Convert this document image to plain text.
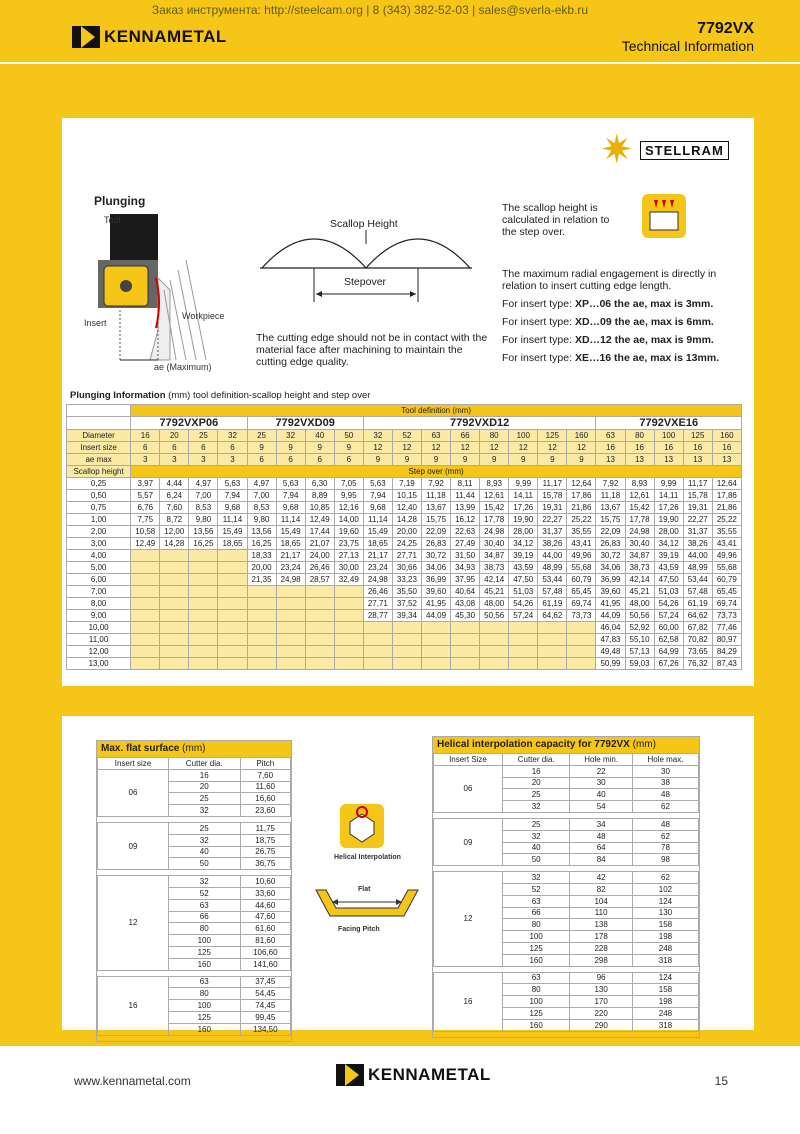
Заказ инструмента: http://steelcam.org | 8 (343) 382-52-03 | sales@sverla-ekb.ru
KENNAMETAL	7792VX
Technical Information
✷ STELLRAM
Plunging
Tool
Insert
Workpiece
ae (Maximum)
Scallop Height
Stepover
The cutting edge should not be in contact with the material face after machining to maintain the cutting edge quality.
The scallop height is calculated in relation to the step over.
The maximum radial engagement is directly in relation to insert cutting edge length.
For insert type: XP…06 the ae, max is 3mm.
For insert type: XD…09 the ae, max is 6mm.
For insert type: XD…12 the ae, max is 9mm.
For insert type: XE…16 the ae, max is 13mm.
Plunging Information (mm) tool definition-scallop height and step over
	Tool definition (mm)																				
	7792VXP06				7792VXD09				7792VXD12								7792VXE16				
Diameter	16	20	25	32	25	32	40	50	32	52	63	66	80	100	125	160	63	80	100	125	160
Insert size	6	6	6	6	9	9	9	9	12	12	12	12	12	12	12	12	16	16	16	16	16
ae max	3	3	3	3	6	6	6	6	9	9	9	9	9	9	9	9	13	13	13	13	13
Scallop height	Step over (mm)																				
0,25	3,97	4,44	4,97	5,63	4,97	5,63	6,30	7,05	5,63	7,19	7,92	8,11	8,93	9,99	11,17	12,64	7,92	8,93	9,99	11,17	12,64
0,50	5,57	6,24	7,00	7,94	7,00	7,94	8,89	9,95	7,94	10,15	11,18	11,44	12,61	14,11	15,78	17,86	11,18	12,61	14,11	15,78	17,86
0,75	6,76	7,60	8,53	9,68	8,53	9,68	10,85	12,16	9,68	12,40	13,67	13,99	15,42	17,26	19,31	21,86	13,67	15,42	17,26	19,31	21,86
1,00	7,75	8,72	9,80	11,14	9,80	11,14	12,49	14,00	11,14	14,28	15,75	16,12	17,78	19,90	22,27	25,22	15,75	17,78	19,90	22,27	25,22
2,00	10,58	12,00	13,56	15,49	13,56	15,49	17,44	19,60	15,49	20,00	22,09	22,63	24,98	28,00	31,37	35,55	22,09	24,98	28,00	31,37	35,55
3,00	12,49	14,28	16,25	18,65	16,25	18,65	21,07	23,75	18,65	24,25	26,83	27,49	30,40	34,12	38,26	43,41	26,83	30,40	34,12	38,26	43,41
4,00					18,33	21,17	24,00	27,13	21,17	27,71	30,72	31,50	34,87	39,19	44,00	49,96	30,72	34,87	39,19	44,00	49,96
5,00					20,00	23,24	26,46	30,00	23,24	30,66	34,06	34,93	38,73	43,59	48,99	55,68	34,06	38,73	43,59	48,99	55,68
6,00					21,35	24,98	28,57	32,49	24,98	33,23	36,99	37,95	42,14	47,50	53,44	60,79	36,99	42,14	47,50	53,44	60,79
7,00									26,46	35,50	39,60	40,64	45,21	51,03	57,48	65,45	39,60	45,21	51,03	57,48	65,45
8,00									27,71	37,52	41,95	43,08	48,00	54,26	61,19	69,74	41,95	48,00	54,26	61,19	69,74
9,00									28,77	39,34	44,09	45,30	50,56	57,24	64,62	73,73	44,09	50,56	57,24	64,62	73,73
10,00																	46,04	52,92	60,00	67,82	77,46
11,00																	47,83	55,10	62,58	70,82	80,97
12,00																	49,48	57,13	64,99	73,65	84,29
13,00																	50,99	59,03	67,26	76,32	87,43
Max. flat surface (mm)
Insert size	Cutter dia.	Pitch
06	16	7,60
	20	11,60
	25	16,60
	32	23,60

09	25	11,75
	32	18,75
	40	26,75
	50	36,75

12	32	10,60
	52	33,60
	63	44,60
	66	47,60
	80	61,60
	100	81,60
	125	106,60
	160	141,60

16	63	37,45
	80	54,45
	100	74,45
	125	99,45
	160	134,50

Helical Interpolation
Flat
Facing Pitch
Helical interpolation capacity for 7792VX (mm)
Insert Size	Cutter dia.	Hole min.	Hole max.
06	16	22	30
	20	30	38
	25	40	48
	32	54	62

09	25	34	48
	32	48	62
	40	64	78
	50	84	98

12	32	42	62
	52	82	102
	63	104	124
	66	110	130
	80	138	158
	100	178	198
	125	228	248
	160	298	318

16	63	96	124
	80	130	158
	100	170	198
	125	220	248
	160	290	318

www.kennametal.com	KENNAMETAL	15
